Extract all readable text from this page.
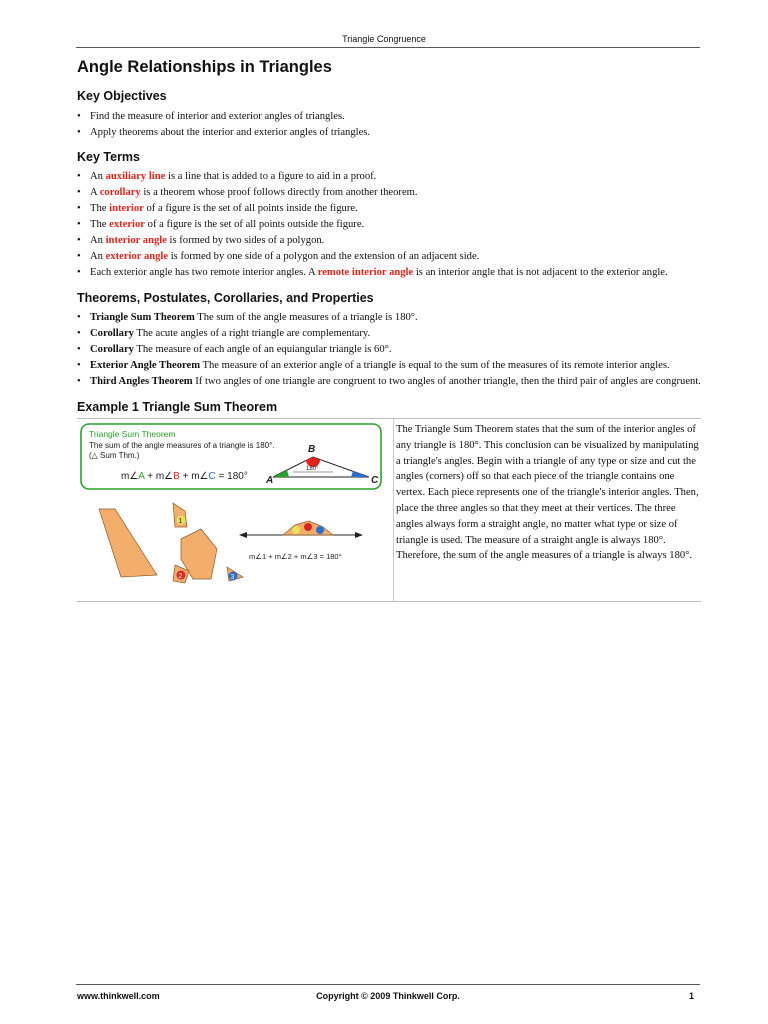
Triangle Congruence
Angle Relationships in Triangles
Key Objectives
• Find the measure of interior and exterior angles of triangles.
• Apply theorems about the interior and exterior angles of triangles.
Key Terms
• An auxiliary line is a line that is added to a figure to aid in a proof.
• A corollary is a theorem whose proof follows directly from another theorem.
• The interior of a figure is the set of all points inside the figure.
• The exterior of a figure is the set of all points outside the figure.
• An interior angle is formed by two sides of a polygon.
• An exterior angle is formed by one side of a polygon and the extension of an adjacent side.
• Each exterior angle has two remote interior angles. A remote interior angle is an interior angle that is not adjacent to the exterior angle.
Theorems, Postulates, Corollaries, and Properties
• Triangle Sum Theorem The sum of the angle measures of a triangle is 180°.
• Corollary The acute angles of a right triangle are complementary.
• Corollary The measure of each angle of an equiangular triangle is 60°.
• Exterior Angle Theorem The measure of an exterior angle of a triangle is equal to the sum of the measures of its remote interior angles.
• Third Angles Theorem If two angles of one triangle are congruent to two angles of another triangle, then the third pair of angles are congruent.
Example 1 Triangle Sum Theorem
Triangle Sum Theorem
The sum of the angle measures of a triangle is 180°.
(△ Sum Thm.)
m∠A + m∠B + m∠C = 180°
180°
A
B
C
1
2	3
m∠1 + m∠2 + m∠3 = 180°
The Triangle Sum Theorem states that the sum of the interior angles of any triangle is 180°. This conclusion can be visualized by manipulating a triangle's angles. Begin with a triangle of any type or size and cut the angles (corners) off so that each piece of the triangle contains one vertex. Each piece represents one of the triangle's interior angles. Then, place the three angles so that they meet at their vertices. The three angles always form a straight angle, no matter what type or size of triangle is used. The measure of a straight angle is always 180°. Therefore, the sum of the angle measures of a triangle is always 180°.
www.thinkwell.com	Copyright © 2009 Thinkwell Corp.	1
